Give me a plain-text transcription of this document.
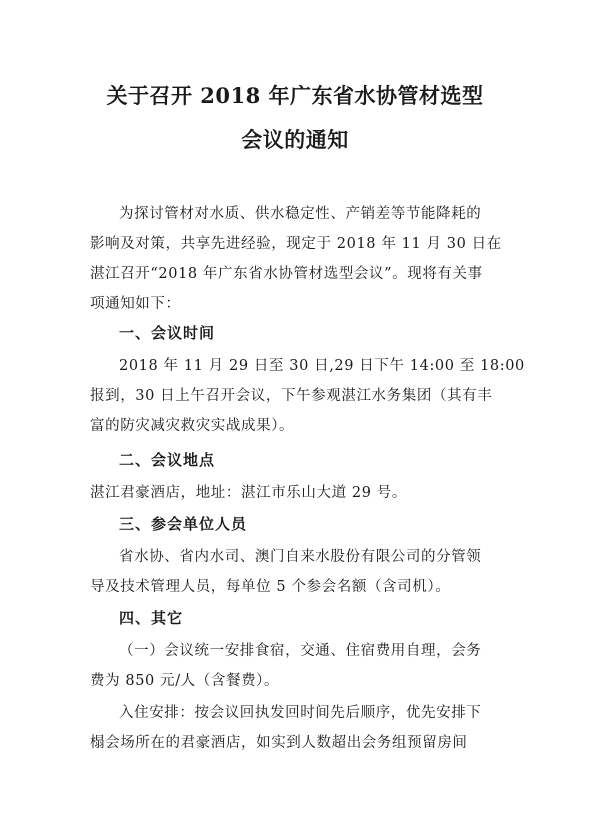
关于召开 2018 年广东省水协管材选型
会议的通知
为探讨管材对水质、供水稳定性、产销差等节能降耗的
影响及对策，共享先进经验，现定于 2018 年 11 月 30 日在
湛江召开“2018 年广东省水协管材选型会议”。现将有关事
项通知如下：
一、会议时间
2018 年 11 月 29 日至 30 日,29 日下午 14:00 至 18:00
报到，30 日上午召开会议，下午参观湛江水务集团（其有丰
富的防灾减灾救灾实战成果）。
二、会议地点
湛江君豪酒店，地址：湛江市乐山大道 29 号。
三、参会单位人员
省水协、省内水司、澳门自来水股份有限公司的分管领
导及技术管理人员，每单位 5 个参会名额（含司机）。
四、其它
（一）会议统一安排食宿，交通、住宿费用自理，会务
费为 850 元/人（含餐费）。
入住安排：按会议回执发回时间先后顺序，优先安排下
榻会场所在的君豪酒店，如实到人数超出会务组预留房间
